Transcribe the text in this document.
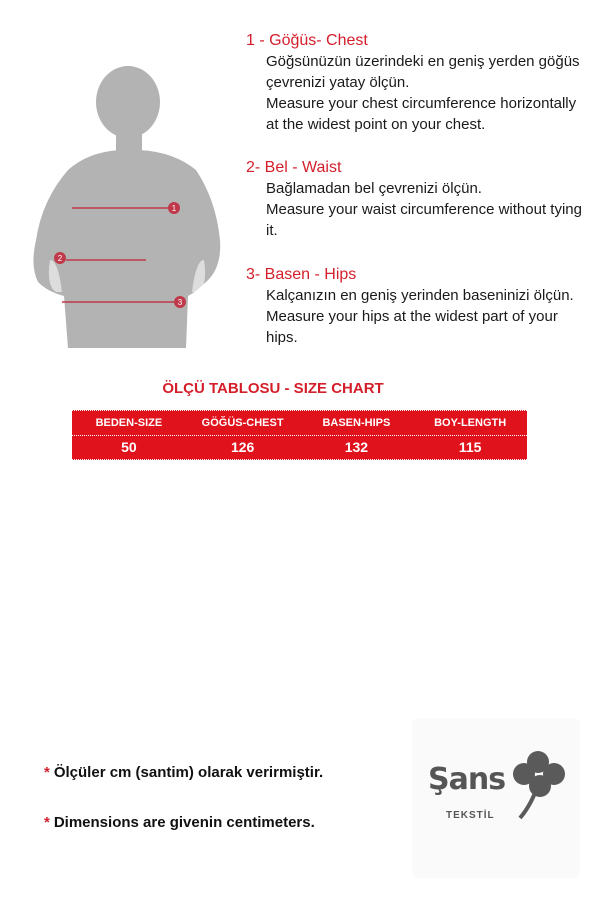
1
2
3
1 - Göğüs- Chest
Göğsünüzün üzerindeki en geniş yerden göğüs çevrenizi yatay ölçün.
Measure your chest circumference horizontally at the widest point on your chest.
2- Bel - Waist
Bağlamadan bel çevrenizi ölçün.
Measure your waist circumference without tying it.
3- Basen - Hips
Kalçanızın en geniş yerinden baseninizi ölçün.
Measure your hips at the widest part of your hips.
ÖLÇÜ TABLOSU - SIZE CHART
BEDEN-SIZE	GÖĞÜS-CHEST	BASEN-HIPS	BOY-LENGTH
50	126	132	115
* Ölçüler cm (santim) olarak verirmiştir.
* Dimensions are givenin centimeters.
Şans
TEKSTİL
